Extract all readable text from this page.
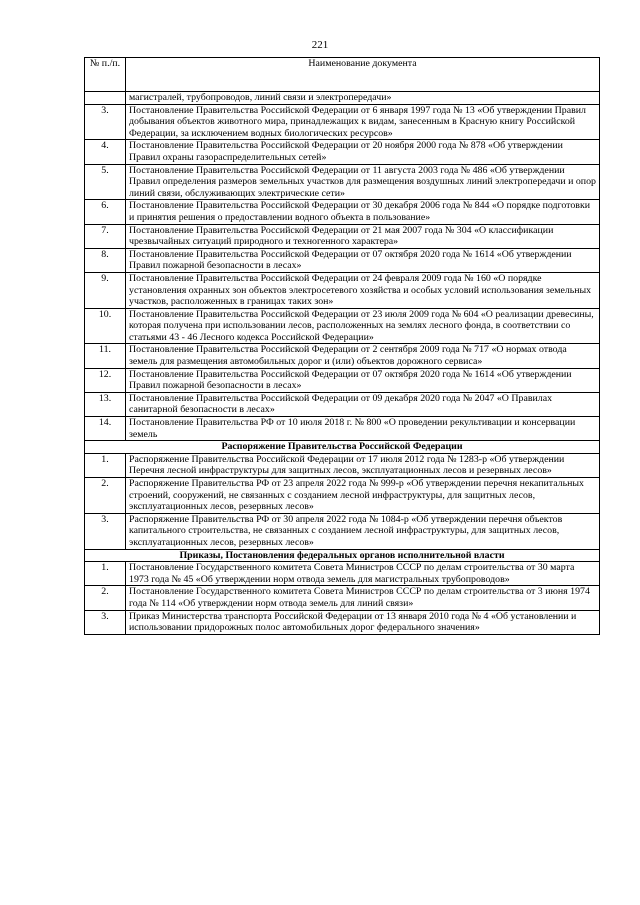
221
№ п./п.	Наименование документа
	магистралей, трубопроводов, линий связи и электропередачи»
3.	Постановление Правительства Российской Федерации от 6 января 1997 года № 13 «Об утверждении Правил добывания объектов животного мира, принадлежащих к видам, занесенным в Красную книгу Российской Федерации, за исключением водных биологических ресурсов»
4.	Постановление Правительства Российской Федерации от 20 ноября 2000 года № 878 «Об утверждении Правил охраны газораспределительных сетей»
5.	Постановление Правительства Российской Федерации от 11 августа 2003 года № 486 «Об утверждении Правил определения размеров земельных участков для размещения воздушных линий электропередачи и опор линий связи, обслуживающих электрические сети»
6.	Постановление Правительства Российской Федерации от 30 декабря 2006 года № 844 «О порядке подготовки и принятия решения о предоставлении водного объекта в пользование»
7.	Постановление Правительства Российской Федерации от 21 мая 2007 года № 304 «О классификации чрезвычайных ситуаций природного и техногенного характера»
8.	Постановление Правительства Российской Федерации от 07 октября 2020 года № 1614 «Об утверждении Правил пожарной безопасности в лесах»
9.	Постановление Правительства Российской Федерации от 24 февраля 2009 года № 160 «О порядке установления охранных зон объектов электросетевого хозяйства и особых условий использования земельных участков, расположенных в границах таких зон»
10.	Постановление Правительства Российской Федерации от 23 июля 2009 года № 604 «О реализации древесины, которая получена при использовании лесов, расположенных на землях лесного фонда, в соответствии со статьями 43 - 46 Лесного кодекса Российской Федерации»
11.	Постановление Правительства Российской Федерации от 2 сентября 2009 года № 717 «О нормах отвода земель для размещения автомобильных дорог и (или) объектов дорожного сервиса»
12.	Постановление Правительства Российской Федерации от 07 октября 2020 года № 1614 «Об утверждении Правил пожарной безопасности в лесах»
13.	Постановление Правительства Российской Федерации от 09 декабря 2020 года № 2047 «О Правилах санитарной безопасности в лесах»
14.	Постановление Правительства РФ от 10 июля 2018 г. № 800 «О проведении рекультивации и консервации земель
Распоряжение Правительства Российской Федерации	
1.	Распоряжение Правительства Российской Федерации от 17 июля 2012 года № 1283-р «Об утверждении Перечня лесной инфраструктуры для защитных лесов, эксплуатационных лесов и резервных лесов»
2.	Распоряжение Правительства РФ от 23 апреля 2022 года № 999-р «Об утверждении перечня некапитальных строений, сооружений, не связанных с созданием лесной инфраструктуры, для защитных лесов, эксплуатационных лесов, резервных лесов»
3.	Распоряжение Правительства РФ от 30 апреля 2022 года № 1084-р «Об утверждении перечня объектов капитального строительства, не связанных с созданием лесной инфраструктуры, для защитных лесов, эксплуатационных лесов, резервных лесов»
Приказы, Постановления федеральных органов исполнительной власти	
1.	Постановление Государственного комитета Совета Министров СССР по делам строительства от 30 марта 1973 года № 45 «Об утверждении норм отвода земель для магистральных трубопроводов»
2.	Постановление Государственного комитета Совета Министров СССР по делам строительства от 3 июня 1974 года № 114 «Об утверждении норм отвода земель для линий связи»
3.	Приказ Министерства транспорта Российской Федерации от 13 января 2010 года № 4 «Об установлении и использовании придорожных полос автомобильных дорог федерального значения»
